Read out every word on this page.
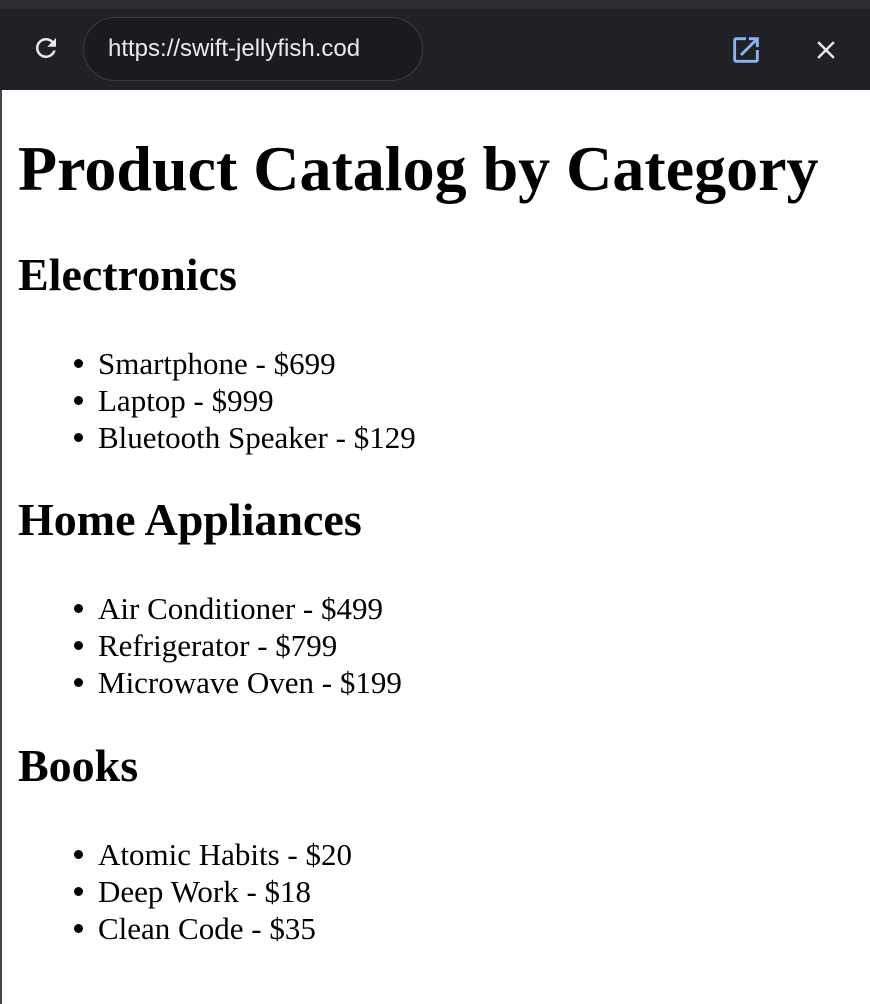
https://swift-jellyfish.cod
Product Catalog by Category
Electronics
Smartphone - $699
Laptop - $999
Bluetooth Speaker - $129
Home Appliances
Air Conditioner - $499
Refrigerator - $799
Microwave Oven - $199
Books
Atomic Habits - $20
Deep Work - $18
Clean Code - $35
